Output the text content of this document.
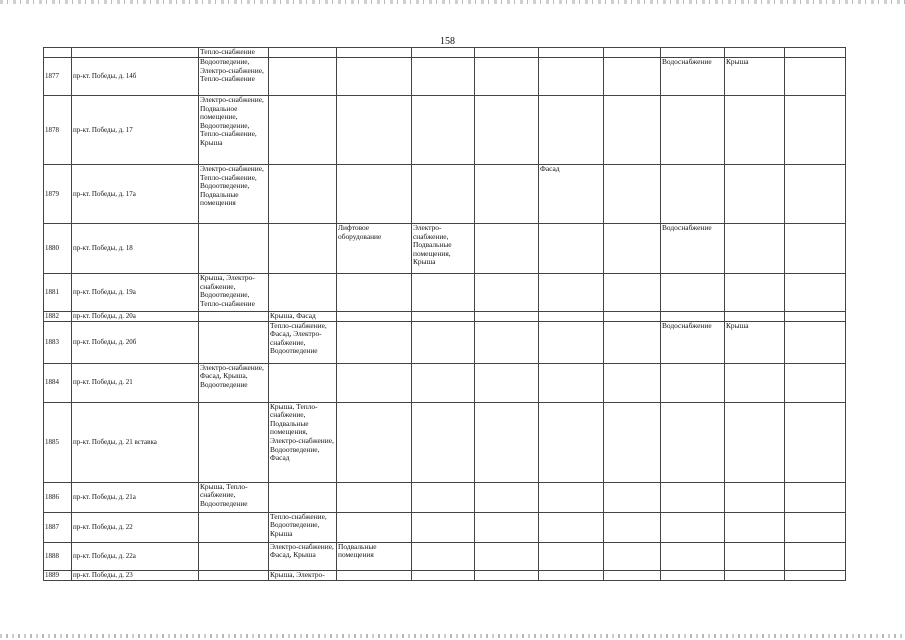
158
		Тепло-снабжение									
1877	пр-кт. Победы, д. 14б	Водоотведение, Электро-снабжение, Тепло-снабжение							Водоснабжение	Крыша	
1878	пр-кт. Победы, д. 17	Электро-снабжение, Подвальное помещение, Водоотведение, Тепло-снабжение, Крыша									
1879	пр-кт. Победы, д. 17а	Электро-снабжение, Тепло-снабжение, Водоотведение, Подвальные помещения					Фасад				
1880	пр-кт. Победы, д. 18			Лифтовое оборудование	Электро-снабжение, Подвальные помещения, Крыша				Водоснабжение		
1881	пр-кт. Победы, д. 19а	Крыша, Электро-снабжение, Водоотведение, Тепло-снабжение									
1882	пр-кт. Победы, д. 20а		Крыша, Фасад								
1883	пр-кт. Победы, д. 20б		Тепло-снабжение, Фасад, Электро-снабжение, Водоотведение						Водоснабжение	Крыша	
1884	пр-кт. Победы, д. 21	Электро-снабжение, Фасад, Крыша, Водоотведение									
1885	пр-кт. Победы, д. 21 вставка		Крыша, Тепло-снабжение, Подвальные помещения, Электро-снабжение, Водоотведение, Фасад								
1886	пр-кт. Победы, д. 21а	Крыша, Тепло-снабжение, Водоотведение									
1887	пр-кт. Победы, д. 22		Тепло-снабжение, Водоотведение, Крыша								
1888	пр-кт. Победы, д. 22а		Электро-снабжение, Фасад, Крыша	Подвальные помещения							
1889	пр-кт. Победы, д. 23		Крыша, Электро-								
